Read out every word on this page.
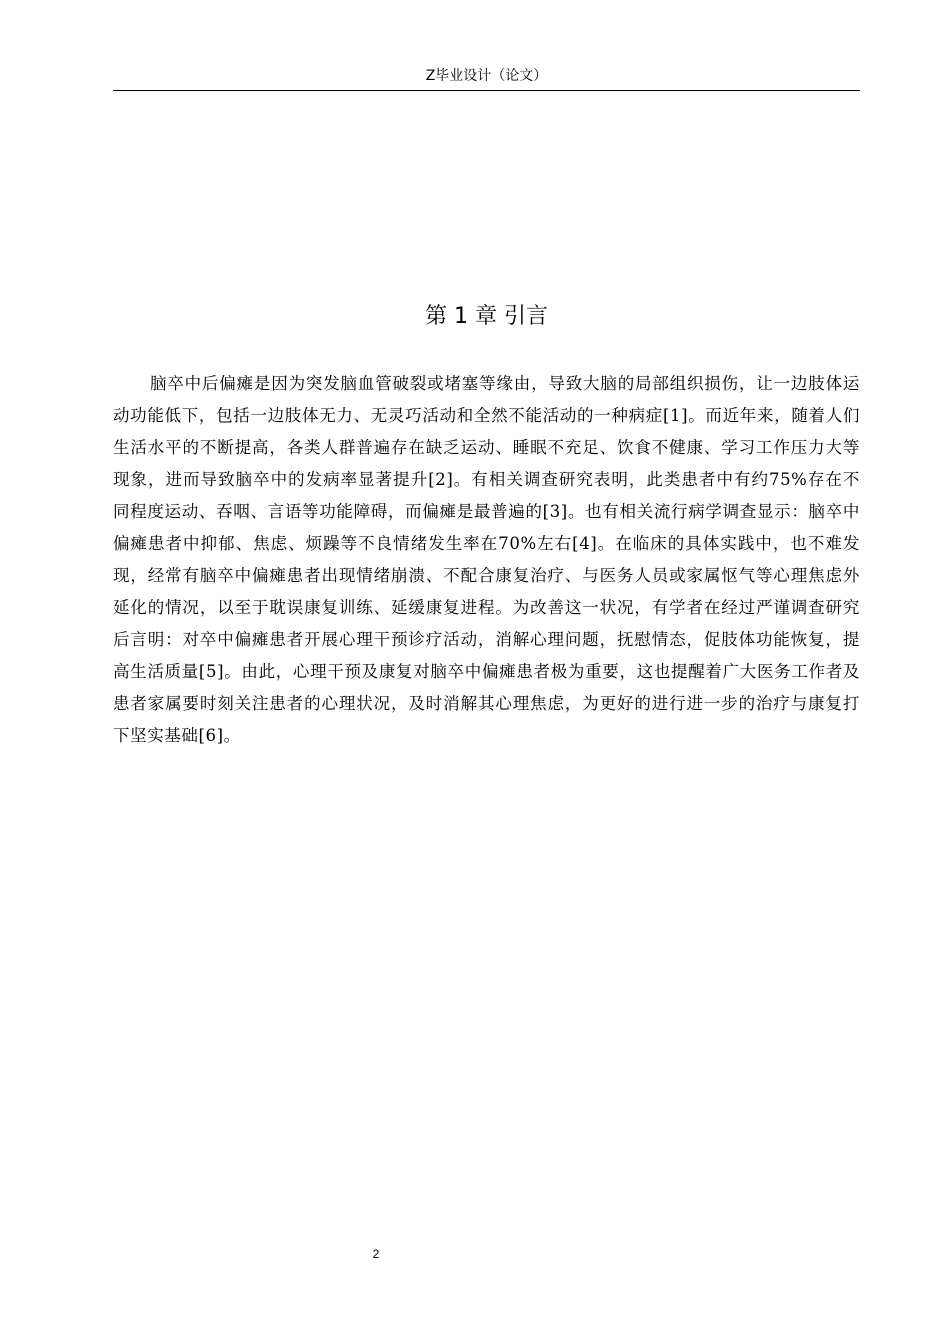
Z毕业设计（论文）
第 1 章 引言

脑卒中后偏瘫是因为突发脑血管破裂或堵塞等缘由，导致大脑的局部组织损伤，让一边肢体运动功能低下，包括一边肢体无力、无灵巧活动和全然不能活动的一种病症[1]。而近年来，随着人们生活水平的不断提高，各类人群普遍存在缺乏运动、睡眠不充足、饮食不健康、学习工作压力大等现象，进而导致脑卒中的发病率显著提升[2]。有相关调查研究表明，此类患者中有约75%存在不同程度运动、吞咽、言语等功能障碍，而偏瘫是最普遍的[3]。也有相关流行病学调查显示：脑卒中偏瘫患者中抑郁、焦虑、烦躁等不良情绪发生率在70%左右[4]。在临床的具体实践中，也不难发现，经常有脑卒中偏瘫患者出现情绪崩溃、不配合康复治疗、与医务人员或家属怄气等心理焦虑外延化的情况，以至于耽误康复训练、延缓康复进程。为改善这一状况，有学者在经过严谨调查研究后言明：对卒中偏瘫患者开展心理干预诊疗活动，消解心理问题，抚慰情态，促肢体功能恢复，提高生活质量[5]。由此，心理干预及康复对脑卒中偏瘫患者极为重要，这也提醒着广大医务工作者及患者家属要时刻关注患者的心理状况，及时消解其心理焦虑，为更好的进行进一步的治疗与康复打下坚实基础[6]。

2
